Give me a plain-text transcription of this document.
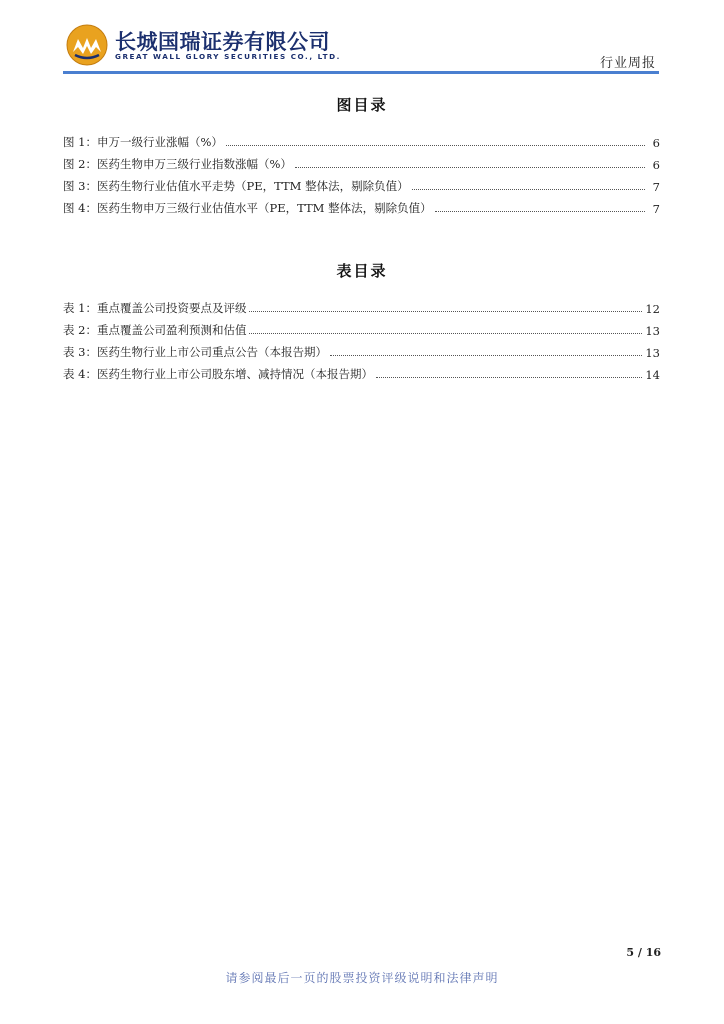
长城国瑞证券有限公司
GREAT WALL GLORY SECURITIES CO., LTD.	行业周报
图目录
图 1： 申万一级行业涨幅（%）	6
图 2： 医药生物申万三级行业指数涨幅（%）	6
图 3： 医药生物行业估值水平走势（PE，TTM 整体法，剔除负值）	7
图 4： 医药生物申万三级行业估值水平（PE，TTM 整体法，剔除负值）	7
表目录
表 1： 重点覆盖公司投资要点及评级	12
表 2： 重点覆盖公司盈利预测和估值	13
表 3： 医药生物行业上市公司重点公告（本报告期）	13
表 4： 医药生物行业上市公司股东增、减持情况（本报告期）	14
5 / 16
请参阅最后一页的股票投资评级说明和法律声明
